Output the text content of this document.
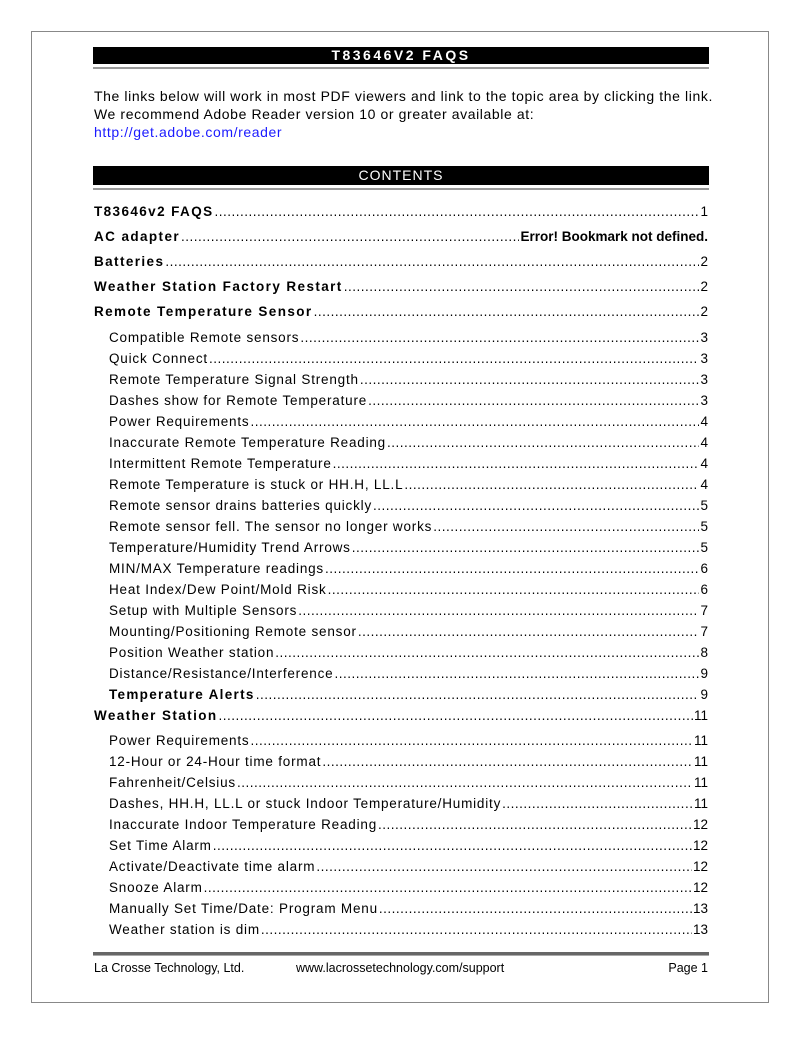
T83646V2 FAQS
The links below will work in most PDF viewers and link to the topic area by clicking the link. We recommend Adobe Reader version 10 or greater available at:
http://get.adobe.com/reader
CONTENTS
T83646v2 FAQS .....	1
AC adapter .....	Error! Bookmark not defined.
Batteries .....	2
Weather Station Factory Restart .....	2
Remote Temperature Sensor .....	2
Compatible Remote sensors .....	3
Quick Connect .....	3
Remote Temperature Signal Strength .....	3
Dashes show for Remote Temperature .....	3
Power Requirements .....	4
Inaccurate Remote Temperature Reading .....	4
Intermittent Remote Temperature .....	4
Remote Temperature is stuck or HH.H, LL.L .....	4
Remote sensor drains batteries quickly .....	5
Remote sensor fell. The sensor no longer works .....	5
Temperature/Humidity Trend Arrows .....	5
MIN/MAX Temperature readings .....	6
Heat Index/Dew Point/Mold Risk .....	6
Setup with Multiple Sensors .....	7
Mounting/Positioning Remote sensor .....	7
Position Weather station .....	8
Distance/Resistance/Interference .....	9
Temperature Alerts .....	9
Weather Station .....	11
Power Requirements .....	11
12-Hour or 24-Hour time format .....	11
Fahrenheit/Celsius .....	11
Dashes, HH.H, LL.L or stuck Indoor Temperature/Humidity .....	11
Inaccurate Indoor Temperature Reading .....	12
Set Time Alarm .....	12
Activate/Deactivate time alarm .....	12
Snooze Alarm .....	12
Manually Set Time/Date: Program Menu .....	13
Weather station is dim .....	13
La Crosse Technology, Ltd.	www.lacrossetechnology.com/support	Page 1
